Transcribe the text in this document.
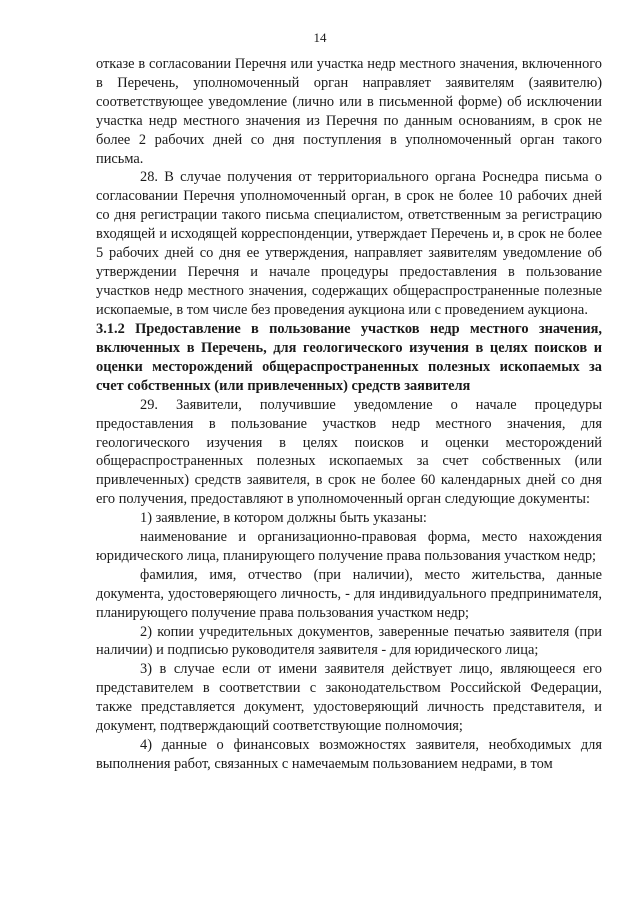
14

отказе в согласовании Перечня или участка недр местного значения, включенного в Перечень, уполномоченный орган направляет заявителям (заявителю) соответствующее уведомление (лично или в письменной форме) об исключении участка недр местного значения из Перечня по данным основаниям, в срок не более 2 рабочих дней со дня поступления в уполномоченный орган такого письма.

28. В случае получения от территориального органа Роснедра письма о согласовании Перечня уполномоченный орган, в срок не более 10 рабочих дней со дня регистрации такого письма специалистом, ответственным за регистрацию входящей и исходящей корреспонденции, утверждает Перечень и, в срок не более 5 рабочих дней со дня ее утверждения, направляет заявителям уведомление об утверждении Перечня и начале процедуры предоставления в пользование участков недр местного значения, содержащих общераспространенные полезные ископаемые, в том числе без проведения аукциона или с проведением аукциона.

3.1.2 Предоставление в пользование участков недр местного значения, включенных в Перечень, для геологического изучения в целях поисков и оценки месторождений общераспространенных полезных ископаемых за счет собственных (или привлеченных) средств заявителя

29. Заявители, получившие уведомление о начале процедуры предоставления в пользование участков недр местного значения, для геологического изучения в целях поисков и оценки месторождений общераспространенных полезных ископаемых за счет собственных (или привлеченных) средств заявителя, в срок не более 60 календарных дней со дня его получения, предоставляют в уполномоченный орган следующие документы:

1) заявление, в котором должны быть указаны:

наименование и организационно-правовая форма, место нахождения юридического лица, планирующего получение права пользования участком недр;

фамилия, имя, отчество (при наличии), место жительства, данные документа, удостоверяющего личность, - для индивидуального предпринимателя, планирующего получение права пользования участком недр;

2) копии учредительных документов, заверенные печатью заявителя (при наличии) и подписью руководителя заявителя - для юридического лица;

3) в случае если от имени заявителя действует лицо, являющееся его представителем в соответствии с законодательством Российской Федерации, также представляется документ, удостоверяющий личность представителя, и документ, подтверждающий соответствующие полномочия;

4) данные о финансовых возможностях заявителя, необходимых для выполнения работ, связанных с намечаемым пользованием недрами, в том
